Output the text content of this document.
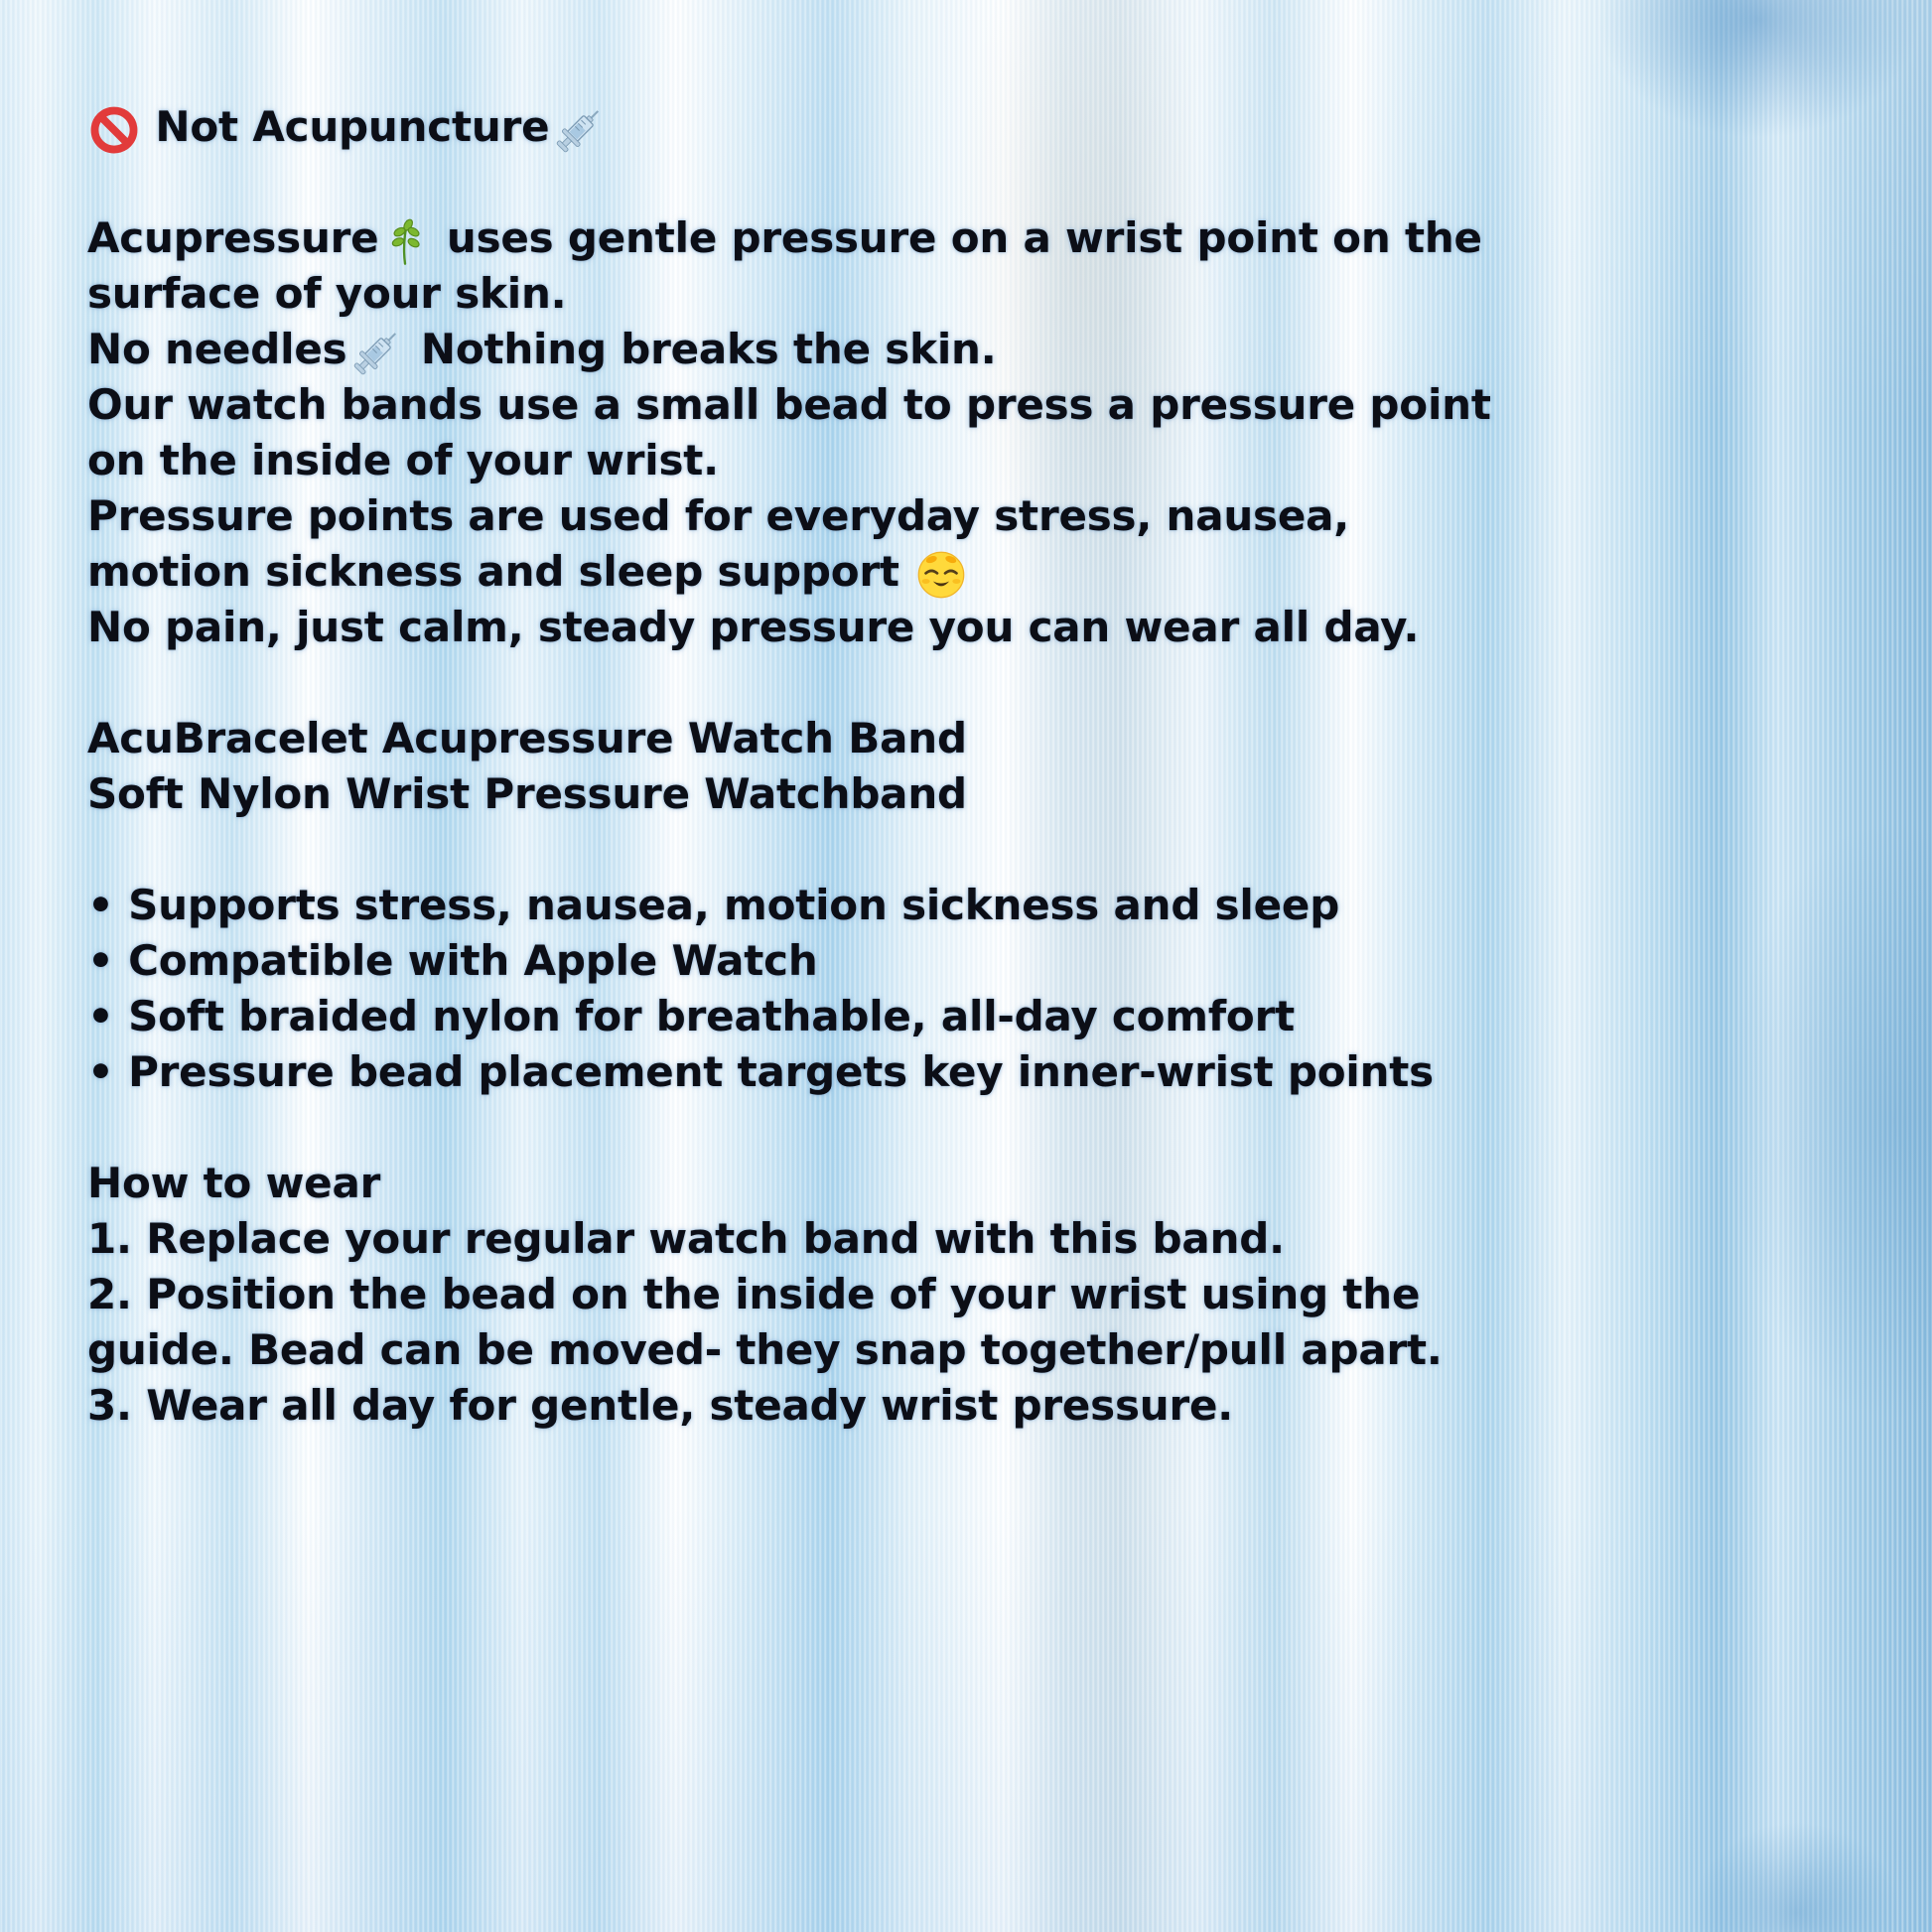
Not Acupuncture
Acupressure uses gentle pressure on a wrist point on the
surface of your skin.
No needles Nothing breaks the skin.
Our watch bands use a small bead to press a pressure point
on the inside of your wrist.
Pressure points are used for everyday stress, nausea,
motion sickness and sleep support
No pain, just calm, steady pressure you can wear all day.
AcuBracelet Acupressure Watch Band
Soft Nylon Wrist Pressure Watchband
• Supports stress, nausea, motion sickness and sleep
• Compatible with Apple Watch
• Soft braided nylon for breathable, all-day comfort
• Pressure bead placement targets key inner-wrist points
How to wear
1. Replace your regular watch band with this band.
2. Position the bead on the inside of your wrist using the
guide. Bead can be moved- they snap together/pull apart.
3. Wear all day for gentle, steady wrist pressure.
